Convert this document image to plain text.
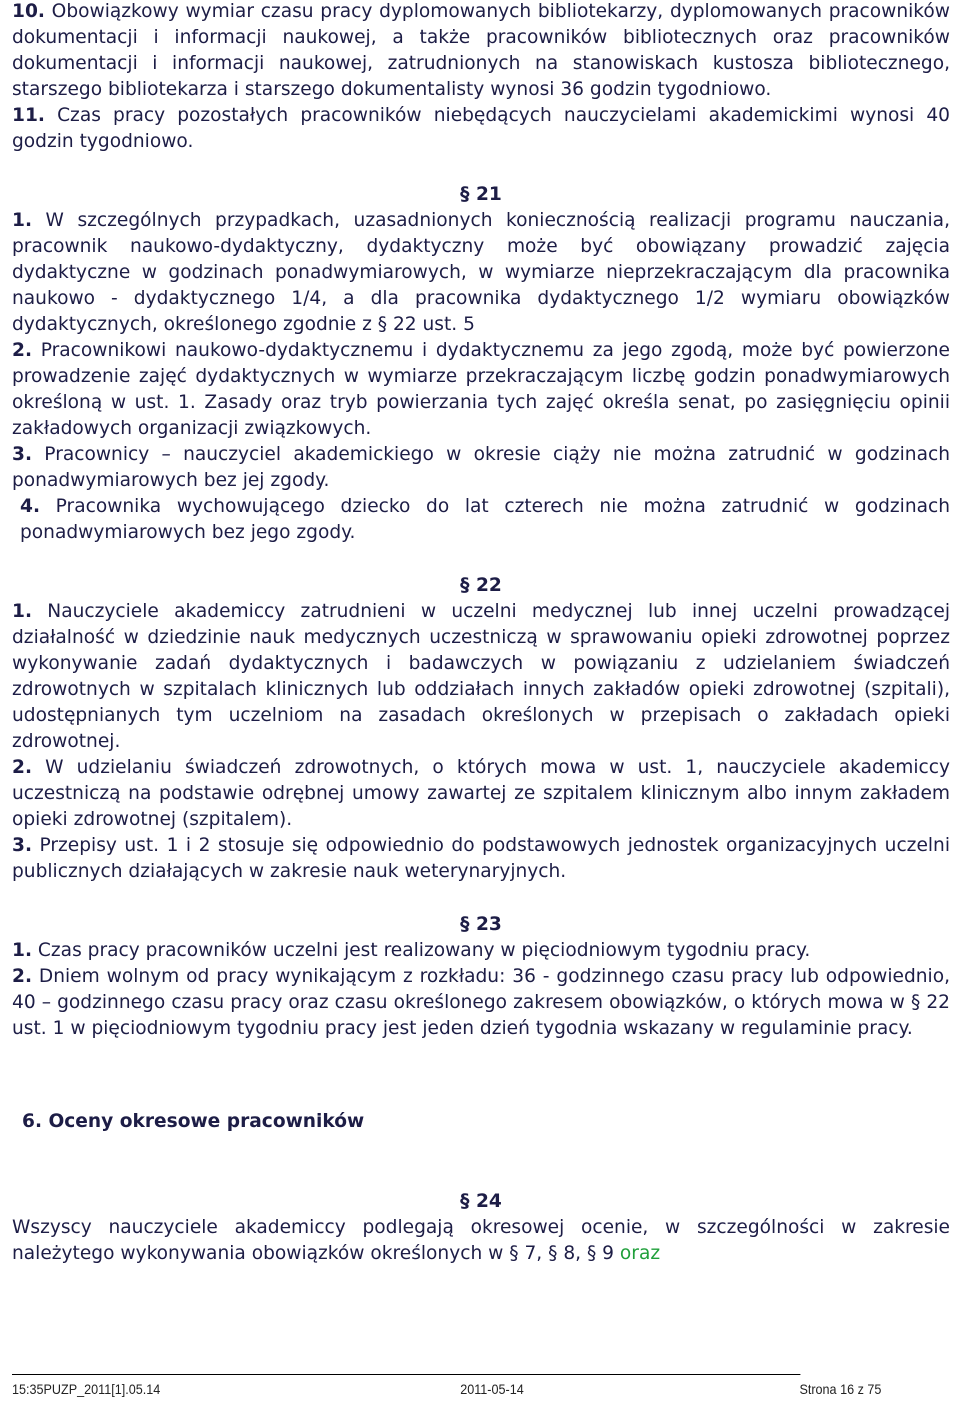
10. Obowiązkowy wymiar czasu pracy dyplomowanych bibliotekarzy, dyplomowanych pracowników dokumentacji i informacji naukowej, a także pracowników bibliotecznych oraz pracowników dokumentacji i informacji naukowej, zatrudnionych na stanowiskach kustosza bibliotecznego, starszego bibliotekarza i starszego dokumentalisty wynosi 36 godzin tygodniowo.

11. Czas pracy pozostałych pracowników niebędących nauczycielami akademickimi wynosi 40 godzin tygodniowo.

§ 21

1. W szczególnych przypadkach, uzasadnionych koniecznością realizacji programu nauczania, pracownik naukowo-dydaktyczny, dydaktyczny może być obowiązany prowadzić zajęcia dydaktyczne w godzinach ponadwymiarowych, w wymiarze nieprzekraczającym dla pracownika naukowo - dydaktycznego 1/4, a dla pracownika dydaktycznego 1/2 wymiaru obowiązków dydaktycznych, określonego zgodnie z § 22 ust. 5

2. Pracownikowi naukowo-dydaktycznemu i dydaktycznemu za jego zgodą, może być powierzone prowadzenie zajęć dydaktycznych w wymiarze przekraczającym liczbę godzin ponadwymiarowych określoną w ust. 1. Zasady oraz tryb powierzania tych zajęć określa senat, po zasięgnięciu opinii zakładowych organizacji związkowych.

3. Pracownicy – nauczyciel akademickiego w okresie ciąży nie można zatrudnić w godzinach ponadwymiarowych bez jej zgody.

4. Pracownika wychowującego dziecko do lat czterech nie można zatrudnić w godzinach ponadwymiarowych bez jego zgody.

§ 22

1. Nauczyciele akademiccy zatrudnieni w uczelni medycznej lub innej uczelni prowadzącej działalność w dziedzinie nauk medycznych uczestniczą w sprawowaniu opieki zdrowotnej poprzez wykonywanie zadań dydaktycznych i badawczych w powiązaniu z udzielaniem świadczeń zdrowotnych w szpitalach klinicznych lub oddziałach innych zakładów opieki zdrowotnej (szpitali), udostępnianych tym uczelniom na zasadach określonych w przepisach o zakładach opieki zdrowotnej.

2. W udzielaniu świadczeń zdrowotnych, o których mowa w ust. 1, nauczyciele akademiccy uczestniczą na podstawie odrębnej umowy zawartej ze szpitalem klinicznym albo innym zakładem opieki zdrowotnej (szpitalem).

3. Przepisy ust. 1 i 2 stosuje się odpowiednio do podstawowych jednostek organizacyjnych uczelni publicznych działających w zakresie nauk weterynaryjnych.

§ 23

1. Czas pracy pracowników uczelni jest realizowany w pięciodniowym tygodniu pracy.

2. Dniem wolnym od pracy wynikającym z rozkładu: 36 - godzinnego czasu pracy lub odpowiednio, 40 – godzinnego czasu pracy oraz czasu określonego zakresem obowiązków, o których mowa w § 22 ust. 1 w pięciodniowym tygodniu pracy jest jeden dzień tygodnia wskazany w regulaminie pracy.

6. Oceny okresowe pracowników

§ 24

Wszyscy nauczyciele akademiccy podlegają okresowej ocenie, w szczególności w zakresie należytego wykonywania obowiązków określonych w § 7, § 8, § 9 oraz

15:35PUZP_2011[1].05.14	2011-05-14	Strona 16 z 75
